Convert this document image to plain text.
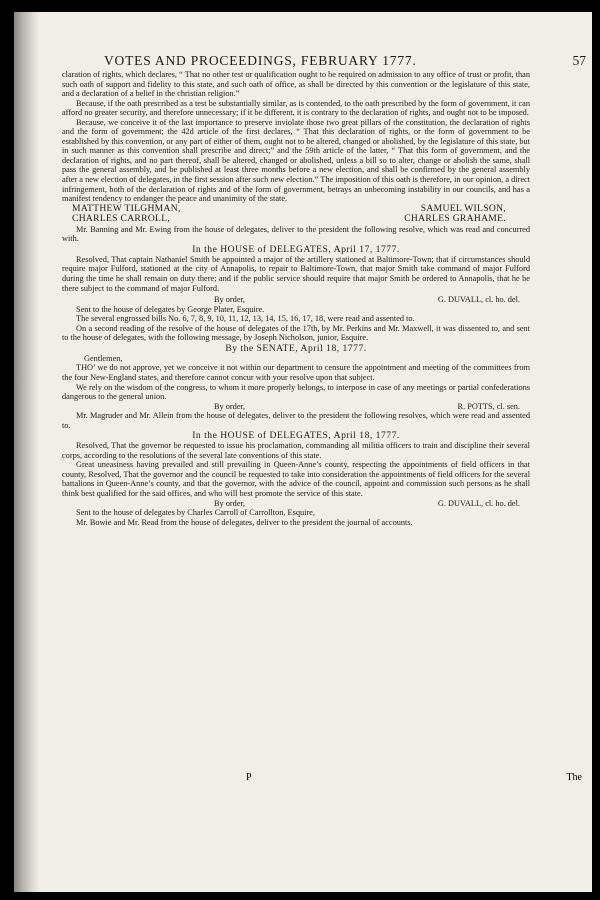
VOTES AND PROCEEDINGS, FEBRUARY 1777.	57

claration of rights, which declares, “ That no other test or qualification ought to be required on admission to any office of trust or profit, than such oath of support and fidelity to this state, and such oath of office, as shall be directed by this convention or the legislature of this state, and a declaration of a belief in the christian religion.”

Because, if the oath prescribed as a test be substantially similar, as is contended, to the oath prescribed by the form of government, it can afford no greater security, and therefore unnecessary; if it be different, it is contrary to the declaration of rights, and ought not to be imposed.

Because, we conceive it of the last importance to preserve inviolate those two great pillars of the constitution, the declaration of rights and the form of government; the 42d article of the first declares, “ That this declaration of rights, or the form of government to be established by this convention, or any part of either of them, ought not to be altered, changed or abolished, by the legislature of this state, but in such manner as this convention shall prescribe and direct;” and the 59th article of the latter, “ That this form of government, and the declaration of rights, and no part thereof, shall be altered, changed or abolished, unless a bill so to alter, change or abolish the same, shall pass the general assembly, and be published at least three months before a new election, and shall be confirmed by the general assembly after a new election of delegates, in the first session after such new election.” The imposition of this oath is therefore, in our opinion, a direct infringement, both of the declaration of rights and of the form of government, betrays an unbecoming instability in our councils, and has a manifest tendency to endanger the peace and unanimity of the state.

MATTHEW TILGHMAN,	SAMUEL WILSON,
CHARLES CARROLL,	CHARLES GRAHAME.

Mr. Banning and Mr. Ewing from the house of delegates, deliver to the president the following resolve, which was read and concurred with.

In the HOUSE of DELEGATES, April 17, 1777.

Resolved, That captain Nathaniel Smith be appointed a major of the artillery stationed at Baltimore-Town; that if circumstances should require major Fulford, stationed at the city of Annapolis, to repair to Baltimore-Town, that major Smith take command of major Fulford during the time he shall remain on duty there; and if the public service should require that major Smith be ordered to Annapolis, that he be there subject to the command of major Fulford.

By order,	G. DUVALL, cl. ho. del.

Sent to the house of delegates by George Plater, Esquire.

The several engrossed bills No. 6, 7, 8, 9, 10, 11, 12, 13, 14, 15, 16, 17, 18, were read and assented to.

On a second reading of the resolve of the house of delegates of the 17th, by Mr. Perkins and Mr. Maxwell, it was dissented to, and sent to the house of delegates, with the following message, by Joseph Nicholson, junior, Esquire.

By the SENATE, April 18, 1777.

Gentlemen,

THO’ we do not approve, yet we conceive it not within our department to censure the appointment and meeting of the committees from the four New-England states, and therefore cannot concur with your resolve upon that subject.

We rely on the wisdom of the congress, to whom it more properly belongs, to interpose in case of any meetings or partial confederations dangerous to the general union.

By order,	R. POTTS, cl. sen.

Mr. Magruder and Mr. Allein from the house of delegates, deliver to the president the following resolves, which were read and assented to.

In the HOUSE of DELEGATES, April 18, 1777.

Resolved, That the governor be requested to issue his proclamation, commanding all militia officers to train and discipline their several corps, according to the resolutions of the several late conventions of this state.

Great uneasiness having prevailed and still prevailing in Queen-Anne’s county, respecting the appointments of field officers in that county, Resolved, That the governor and the council be requested to take into consideration the appointments of field officers for the several battalions in Queen-Anne’s county, and that the governor, with the advice of the council, appoint and commission such persons as he shall think best qualified for the said offices, and who will best promote the service of this state.

By order,	G. DUVALL, cl. ho. del.

Sent to the house of delegates by Charles Carroll of Carrollton, Esquire,

Mr. Bowie and Mr. Read from the house of delegates, deliver to the president the journal of accounts.

P	The
